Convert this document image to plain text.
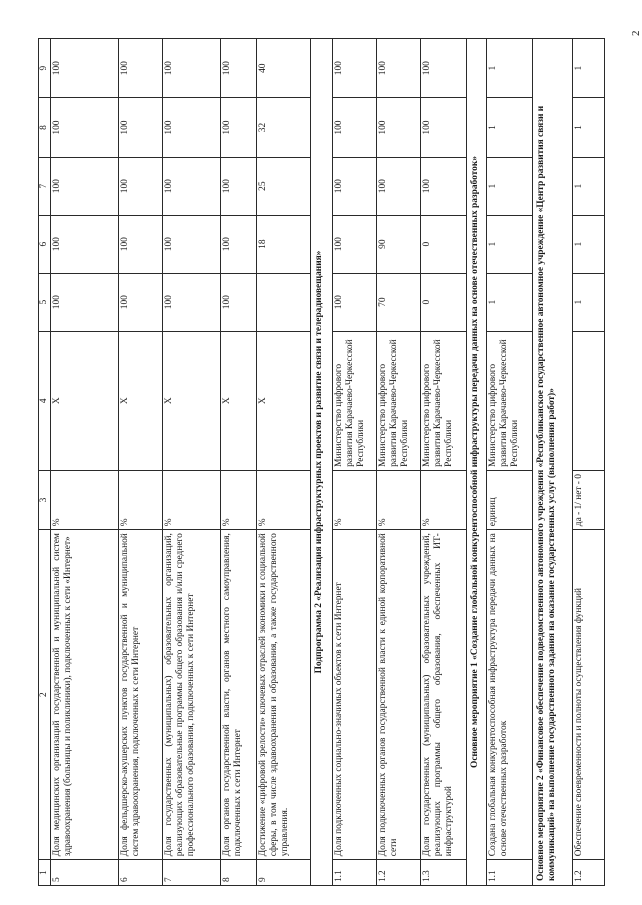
2
1	2	3	4	5	6	7	8	9
5	Доля медицинских организаций государственной и муниципальной систем здравоохранения (больницы и поликлиники), подключенных к сети «Интернет»	%	Х	100	100	100	100	100
6	Доля фельдшерско-акушерских пунктов государственной и муниципальной систем здравоохранения, подключенных к сети Интернет	%	Х	100	100	100	100	100
7	Доля государственных (муниципальных) образовательных организаций, реализующих образовательные программы общего образования и/или среднего профессионального образования, подключенных к сети Интернет	%	Х	100	100	100	100	100
8	Доля органов государственной власти, органов местного самоуправления, подключенных к сети Интернет	%	Х	100	100	100	100	100
9	Достижение «цифровой зрелости» ключевых отраслей экономики и социальной сферы, в том числе здравоохранения и образования, а также государственного управления.	%	Х		18	25	32	40
Подпрограмма 2 «Реализация инфраструктурных проектов и развитие связи и телерадиовещания»								
1.1	Доля подключенных социально-значимых объектов к сети Интернет	%	Министерство цифрового развития Карачаево-Черкесской Республики	100	100	100	100	100
1.2	Доля подключенных органов государственной власти к единой корпоративной сети	%	Министерство цифрового развития Карачаево-Черкесской Республики	70	90	100	100	100
1.3	Доля государственных (муниципальных) образовательных учреждений, реализующих программы общего образования, обеспеченных ИТ-инфраструктурой	%	Министерство цифрового развития Карачаево-Черкесской Республики	0	0	100	100	100
Основное мероприятие 1 «Создание глобальной конкурентоспособной инфраструктуры передачи данных на основе отечественных разработок»								
1.1	Создана глобальная конкурентоспособная инфраструктура передачи данных на основе отечественных разработок	единиц	Министерство цифрового развития Карачаево-Черкесской Республики	1	1	1	1	1
Основное мероприятие 2 «Финансовое обеспечение подведомственного автономного учреждения «Республиканское государственное автономное учреждение «Центр развития связи и коммуникаций» на выполнение государственного задания на оказание государственных услуг (выполнения работ)»								
1.2	Обеспечение своевременности и полноты осуществления функций	да - 1/ нет - 0		1	1	1	1	1
